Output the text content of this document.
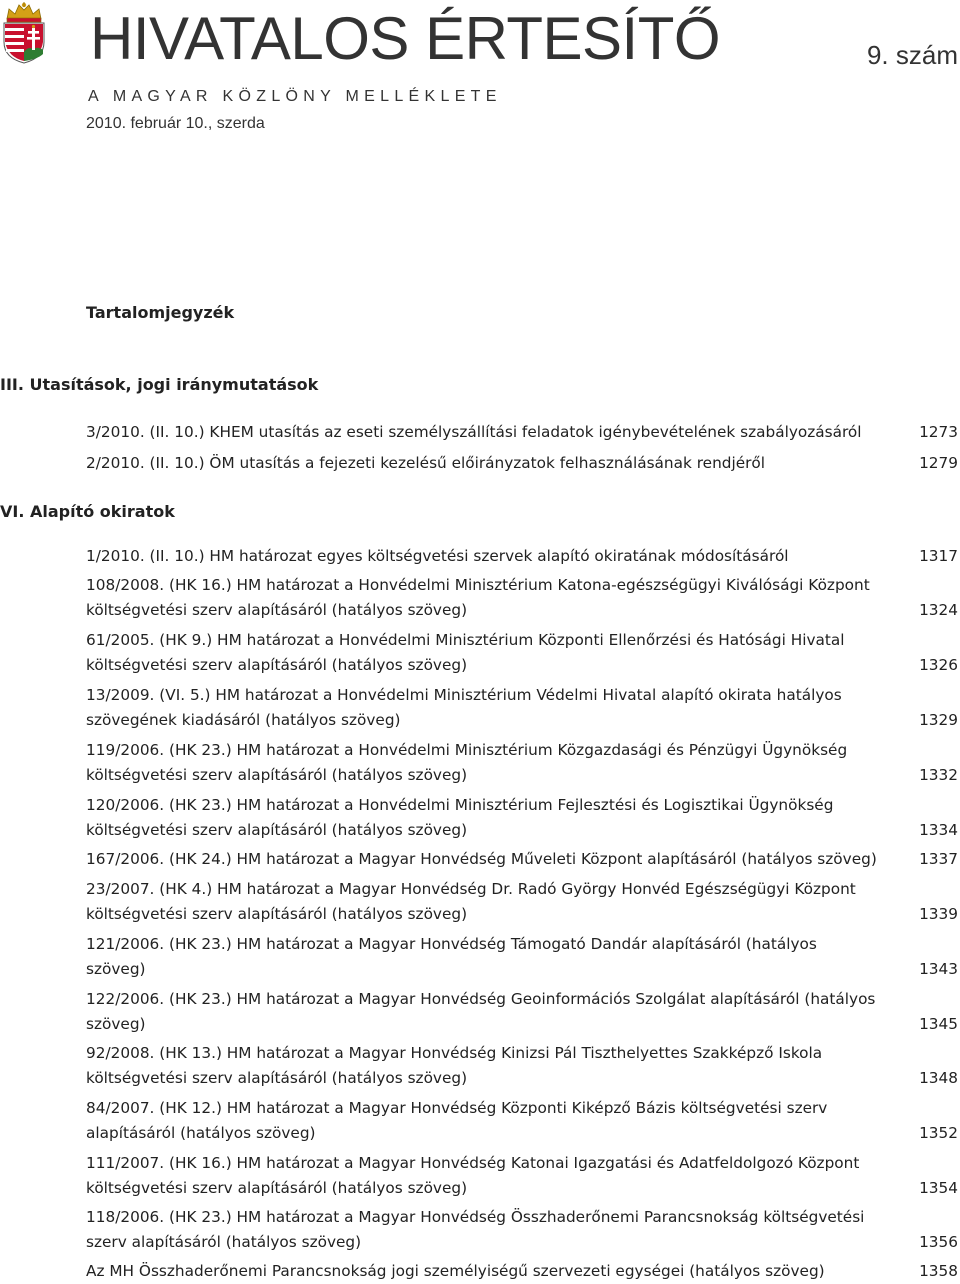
HIVATALOS ÉRTESÍTŐ	9. szám
A MAGYAR KÖZLÖNY MELLÉKLETE
2010. február 10., szerda
Tartalomjegyzék
III. Utasítások, jogi iránymutatások
3/2010. (II. 10.) KHEM utasítás az eseti személyszállítási feladatok igénybevételének szabályozásáról	1273
2/2010. (II. 10.) ÖM utasítás a fejezeti kezelésű előirányzatok felhasználásának rendjéről	1279
VI. Alapító okiratok
1/2010. (II. 10.) HM határozat egyes költségvetési szervek alapító okiratának módosításáról	1317
108/2008. (HK 16.) HM határozat a Honvédelmi Minisztérium Katona-egészségügyi Kiválósági Központ
költségvetési szerv alapításáról (hatályos szöveg)	1324
61/2005. (HK 9.) HM határozat a Honvédelmi Minisztérium Központi Ellenőrzési és Hatósági Hivatal
költségvetési szerv alapításáról (hatályos szöveg)	1326
13/2009. (VI. 5.) HM határozat a Honvédelmi Minisztérium Védelmi Hivatal alapító okirata hatályos
szövegének kiadásáról (hatályos szöveg)	1329
119/2006. (HK 23.) HM határozat a Honvédelmi Minisztérium Közgazdasági és Pénzügyi Ügynökség
költségvetési szerv alapításáról (hatályos szöveg)	1332
120/2006. (HK 23.) HM határozat a Honvédelmi Minisztérium Fejlesztési és Logisztikai Ügynökség
költségvetési szerv alapításáról (hatályos szöveg)	1334
167/2006. (HK 24.) HM határozat a Magyar Honvédség Műveleti Központ alapításáról (hatályos szöveg)	1337
23/2007. (HK 4.) HM határozat a Magyar Honvédség Dr. Radó György Honvéd Egészségügyi Központ
költségvetési szerv alapításáról (hatályos szöveg)	1339
121/2006. (HK 23.) HM határozat a Magyar Honvédség Támogató Dandár alapításáról (hatályos
szöveg)	1343
122/2006. (HK 23.) HM határozat a Magyar Honvédség Geoinformációs Szolgálat alapításáról (hatályos
szöveg)	1345
92/2008. (HK 13.) HM határozat a Magyar Honvédség Kinizsi Pál Tiszthelyettes Szakképző Iskola
költségvetési szerv alapításáról (hatályos szöveg)	1348
84/2007. (HK 12.) HM határozat a Magyar Honvédség Központi Kiképző Bázis költségvetési szerv
alapításáról (hatályos szöveg)	1352
111/2007. (HK 16.) HM határozat a Magyar Honvédség Katonai Igazgatási és Adatfeldolgozó Központ
költségvetési szerv alapításáról (hatályos szöveg)	1354
118/2006. (HK 23.) HM határozat a Magyar Honvédség Összhaderőnemi Parancsnokság költségvetési
szerv alapításáról (hatályos szöveg)	1356
Az MH Összhaderőnemi Parancsnokság jogi személyiségű szervezeti egységei (hatályos szöveg)	1358
